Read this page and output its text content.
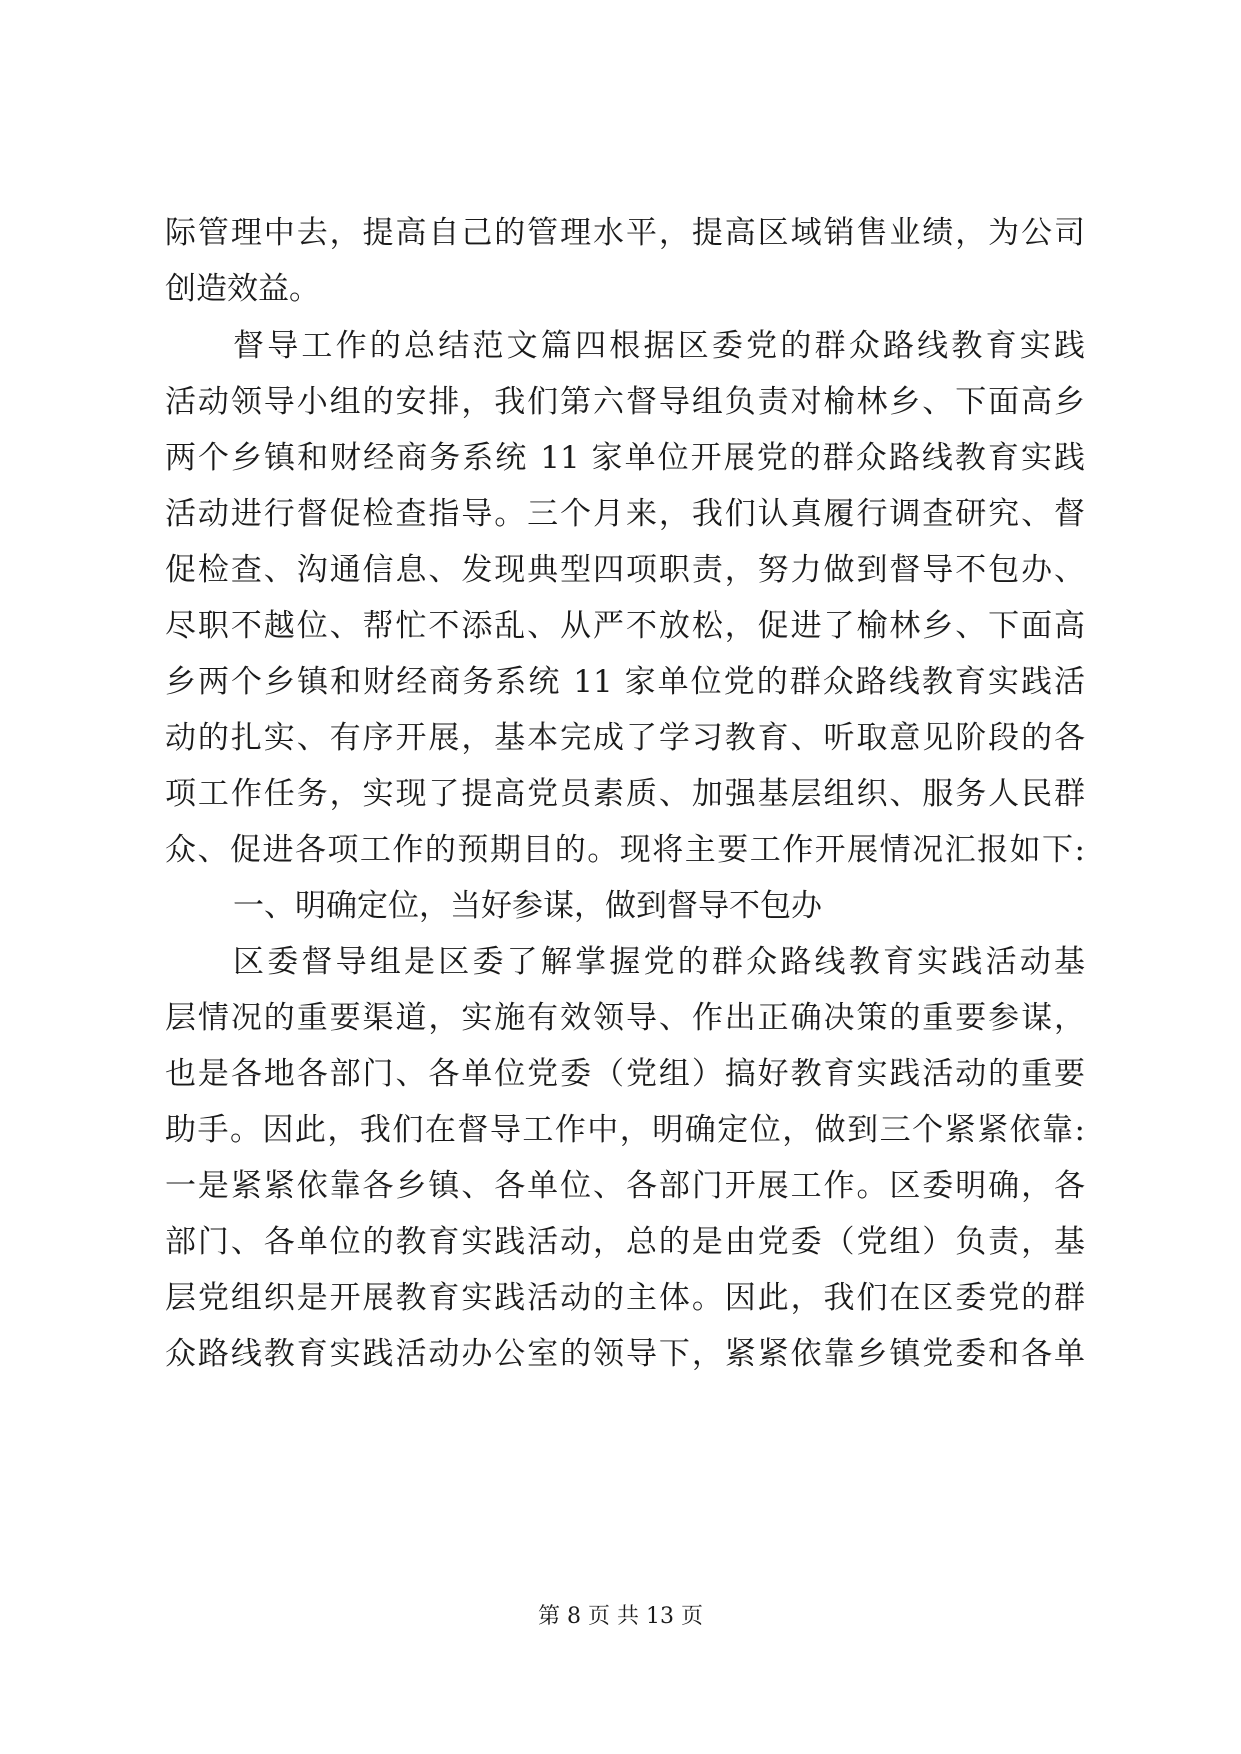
际管理中去，提高自己的管理水平，提高区域销售业绩，为公司
创造效益。
督导工作的总结范文篇四根据区委党的群众路线教育实践
活动领导小组的安排，我们第六督导组负责对榆林乡、下面高乡
两个乡镇和财经商务系统 11 家单位开展党的群众路线教育实践
活动进行督促检查指导。三个月来，我们认真履行调查研究、督
促检查、沟通信息、发现典型四项职责，努力做到督导不包办、
尽职不越位、帮忙不添乱、从严不放松，促进了榆林乡、下面高
乡两个乡镇和财经商务系统 11 家单位党的群众路线教育实践活
动的扎实、有序开展，基本完成了学习教育、听取意见阶段的各
项工作任务，实现了提高党员素质、加强基层组织、服务人民群
众、促进各项工作的预期目的。现将主要工作开展情况汇报如下:
一、明确定位，当好参谋，做到督导不包办
区委督导组是区委了解掌握党的群众路线教育实践活动基
层情况的重要渠道，实施有效领导、作出正确决策的重要参谋，
也是各地各部门、各单位党委（党组）搞好教育实践活动的重要
助手。因此，我们在督导工作中，明确定位，做到三个紧紧依靠:
一是紧紧依靠各乡镇、各单位、各部门开展工作。区委明确，各
部门、各单位的教育实践活动，总的是由党委（党组）负责，基
层党组织是开展教育实践活动的主体。因此，我们在区委党的群
众路线教育实践活动办公室的领导下，紧紧依靠乡镇党委和各单
第 8 页 共 13 页
